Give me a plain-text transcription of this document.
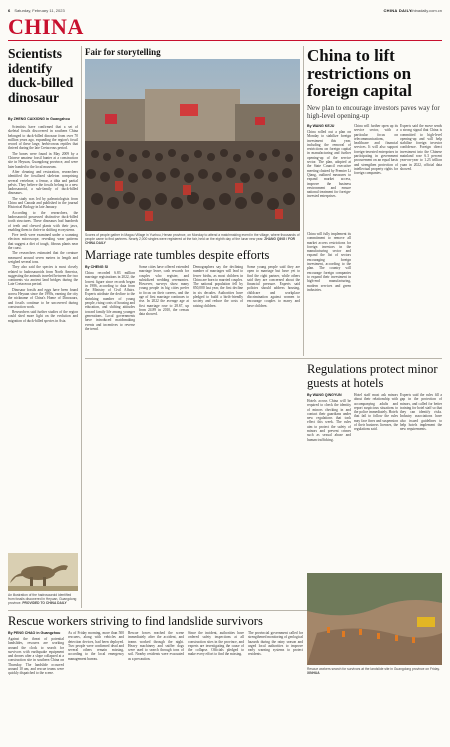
6 Saturday, February 11, 2023	CHINA DAILY
chinadaily.com.cn
CHINA
Scientists identify duck-billed dinosaur
By ZHENG CAIXIONG in Guangzhou

Scientists have confirmed that a set of skeletal fossils discovered in southern China belonged to duck-billed dinosaur from over 70 million years ago, expanding the region's fossil record of these large, herbivorous reptiles that thrived during the late Cretaceous period.

The bones were found in May 2009 by a Chinese amateur fossil hunter at a construction site in Heyuan, Guangdong province, and were later handed to the local museum.

After cleaning and restoration, researchers identified the fossilized skeleton comprising several vertebrae, a femur, a tibia and partial pelvis. They believe the fossils belong to a new hadrosauroid, a sub-family of duck-billed dinosaurs.

The study was led by paleontologists from China and Canada and published in the journal Historical Biology in late January.

According to the researchers, the hadrosauroid possessed distinctive duck-billed tooth structures. These dinosaurs had hundreds of teeth and chewed plants with their jaws, enabling them to thrive in shifting ecosystems.

Five teeth were examined under a scanning electron microscope, revealing wear patterns that suggest a diet of tough, fibrous plants near the coast.

The researchers estimated that the creature measured around seven meters in length and weighed several tons.

They also said the species is most closely related to hadrosauroids from North America, suggesting the animals traveled between the two continents via ancient land bridges during the Late Cretaceous period.

Dinosaur fossils and eggs have been found across Heyuan since the 1990s, earning the city the nickname of China's Home of Dinosaurs, and fossils continue to be uncovered during construction work.

Researchers said further studies of the region could shed more light on the evolution and migration of duck-billed species in Asia.

An illustration of the hadrosauroid identified from fossils discovered in Heyuan, Guangdong province. PROVIDED TO CHINA DAILY
Fair for storytelling
Scores of people gather in Magou Village in Yuzhou, Henan province, on Monday to attend a matchmaking event in the village, where thousands of people came to find partners. Nearly 2,000 singles were registered at the fair, held on the eighth day of the lunar new year. ZHANG QING / FOR CHINA DAILY
Marriage rate tumbles despite efforts
By CHENG SI
China recorded 6.83 million marriage registrations in 2022, the lowest figure since records began in 1986, according to data from the Ministry of Civil Affairs. Experts attribute the decline to the shrinking number of young people, rising costs of housing and education, and shifting attitudes toward family life among younger generations. Local governments have introduced matchmaking events and incentives to reverse the trend.
Some cities have offered extended marriage leave, cash rewards for couples who register, and subsidized wedding ceremonies. However, surveys show many young people in big cities prefer to focus on their careers, and the age of first marriage continues to rise. In 2022 the average age at first marriage rose to 28.67, up from 24.89 in 2010, the census data showed.
Demographers say the declining number of marriages will lead to fewer births, as most children in China are born to married couples. The national population fell by 850,000 last year, the first decline in six decades. Authorities have pledged to build a birth-friendly society and reduce the costs of raising children.
Some young people said they are open to marriage but have yet to find the right partner, while others said they are concerned about the financial pressure. Experts said policies should address housing, childcare and workplace discrimination against women to encourage couples to marry and have children.
China to lift restrictions on foreign capital
New plan to encourage investors paves way for high-level opening-up
By WANG KEJU
China rolled out a plan on Monday to stabilize foreign investment this year, including the removal of restrictions on foreign capital in manufacturing and further opening-up of the service sector. The plan, adopted at the State Council executive meeting chaired by Premier Li Qiang, outlined measures to expand market access, improve the business environment and ensure national treatment for foreign-invested enterprises.
China will fully implement its commitment to remove all market access restrictions for foreign investors in the manufacturing sector and expand the list of sectors encouraging foreign investment, according to the plan. The country will encourage foreign companies to expand their investment in high-end manufacturing, modern services and green industries.
China will further open up its service sector, with a particular focus on telecommunications, healthcare and financial services. It will also support foreign-invested enterprises in participating in government procurement on an equal basis and strengthen protection of intellectual property rights for foreign companies.
Experts said the move sends a strong signal that China is committed to high-level opening-up and will help stabilize foreign investor confidence. Foreign direct investment into the Chinese mainland rose 6.3 percent year-on-year to 1.23 trillion yuan in 2022, official data showed.
Regulations protect minor guests at hotels
By WANG QINGYUN
Hotels across China will be required to check the identity of minors checking in and contact their guardians under new regulations that took effect this week. The rules aim to protect the safety of minors and prevent crimes such as sexual abuse and human trafficking.
Hotel staff must ask minors about their relationship with accompanying adults and report suspicious situations to the police immediately. Hotels that fail to follow the rules may face fines and suspension of their business licenses, the regulations said.
Experts said the rules fill a gap in the protection of minors, and called for better training for hotel staff so that they can identify risks. Industry associations have also issued guidelines to help hotels implement the new requirements.
Rescue workers striving to find landslide survivors
By PENG CHAO in Guangzhou
Against the threat of potential landslides, rescuers are working around the clock to search for survivors with earthquake equipment and drones after a slope collapsed at a construction site in southern China on Thursday. The landslide occurred around 10 am, and rescue teams were quickly dispatched to the scene.
As of Friday morning, more than 500 rescuers, along with vehicles and detection devices, had been deployed. Two people were confirmed dead and several others remain missing, according to the local emergency management bureau.
Rescue forces reached the scene immediately after the accident, and teams worked through the night. Heavy machinery and sniffer dogs were used to search through tons of soil. Nearby residents were evacuated as a precaution.
Since the incident, authorities have ordered safety inspections at all construction sites in the province, and experts are investigating the cause of the collapse. Officials pledged to make every effort to find the missing.
The provincial government called for strengthened monitoring of geological hazards during the rainy season and urged local authorities to improve early warning systems to protect residents.
Rescue workers search for survivors at the landslide site in Guangdong province on Friday. XINHUA
